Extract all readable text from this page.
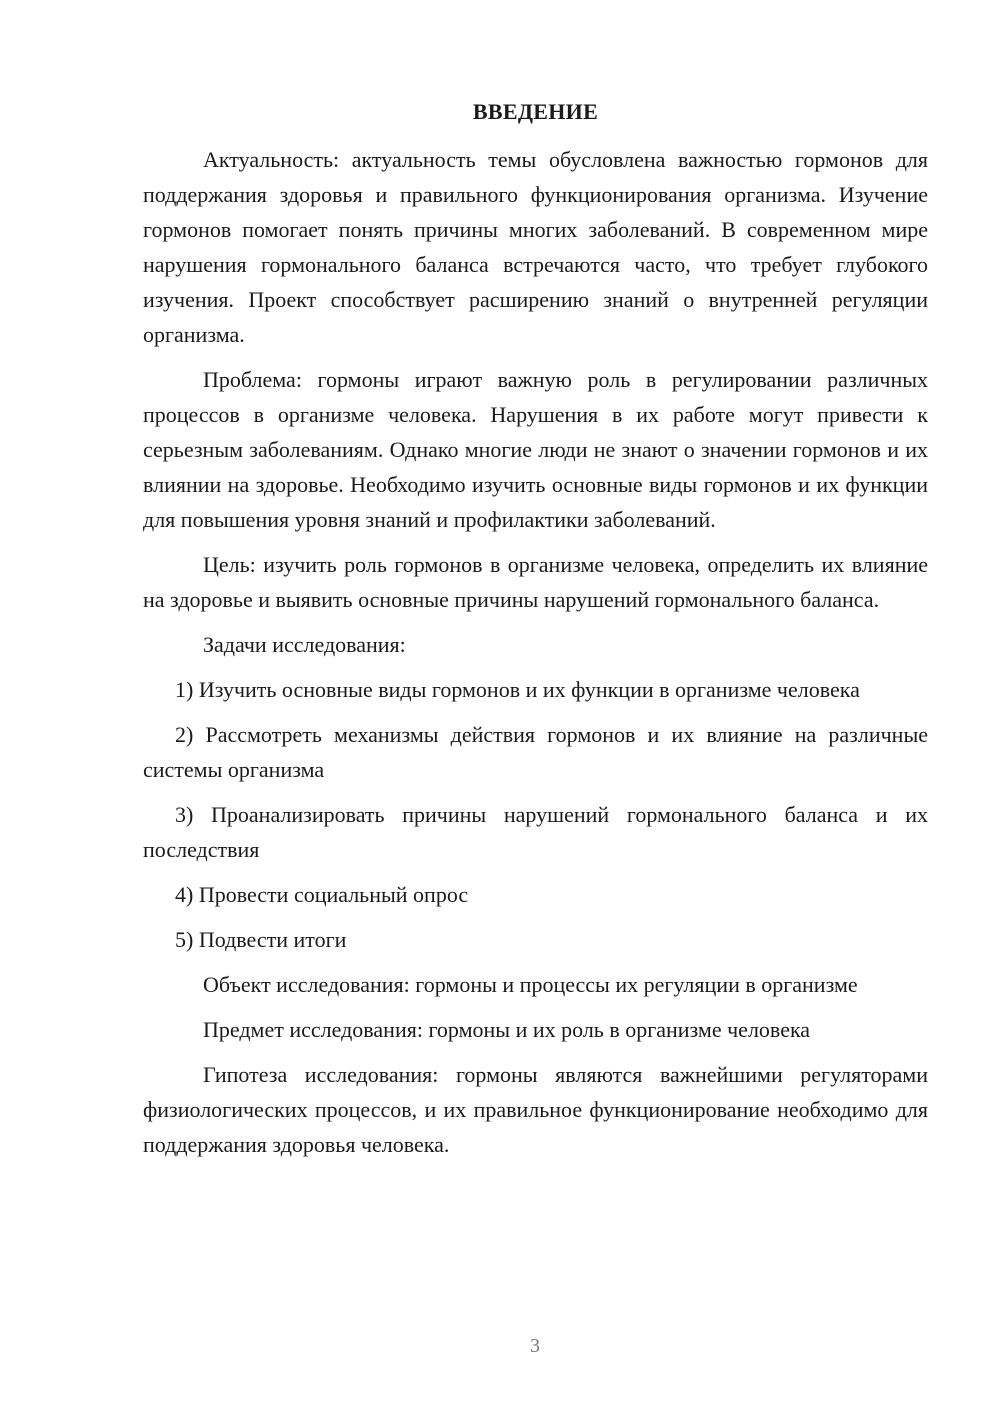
ВВЕДЕНИЕ

Актуальность: актуальность темы обусловлена важностью гормонов для поддержания здоровья и правильного функционирования организма. Изучение гормонов помогает понять причины многих заболеваний. В современном мире нарушения гормонального баланса встречаются часто, что требует глубокого изучения. Проект способствует расширению знаний о внутренней регуляции организма.

Проблема: гормоны играют важную роль в регулировании различных процессов в организме человека. Нарушения в их работе могут привести к серьезным заболеваниям. Однако многие люди не знают о значении гормонов и их влиянии на здоровье. Необходимо изучить основные виды гормонов и их функции для повышения уровня знаний и профилактики заболеваний.

Цель: изучить роль гормонов в организме человека, определить их влияние на здоровье и выявить основные причины нарушений гормонального баланса.

Задачи исследования:

1) Изучить основные виды гормонов и их функции в организме человека

2) Рассмотреть механизмы действия гормонов и их влияние на различные системы организма

3) Проанализировать причины нарушений гормонального баланса и их последствия

4) Провести социальный опрос

5) Подвести итоги

Объект исследования: гормоны и процессы их регуляции в организме

Предмет исследования: гормоны и их роль в организме человека

Гипотеза исследования: гормоны являются важнейшими регуляторами физиологических процессов, и их правильное функционирование необходимо для поддержания здоровья человека.

3
